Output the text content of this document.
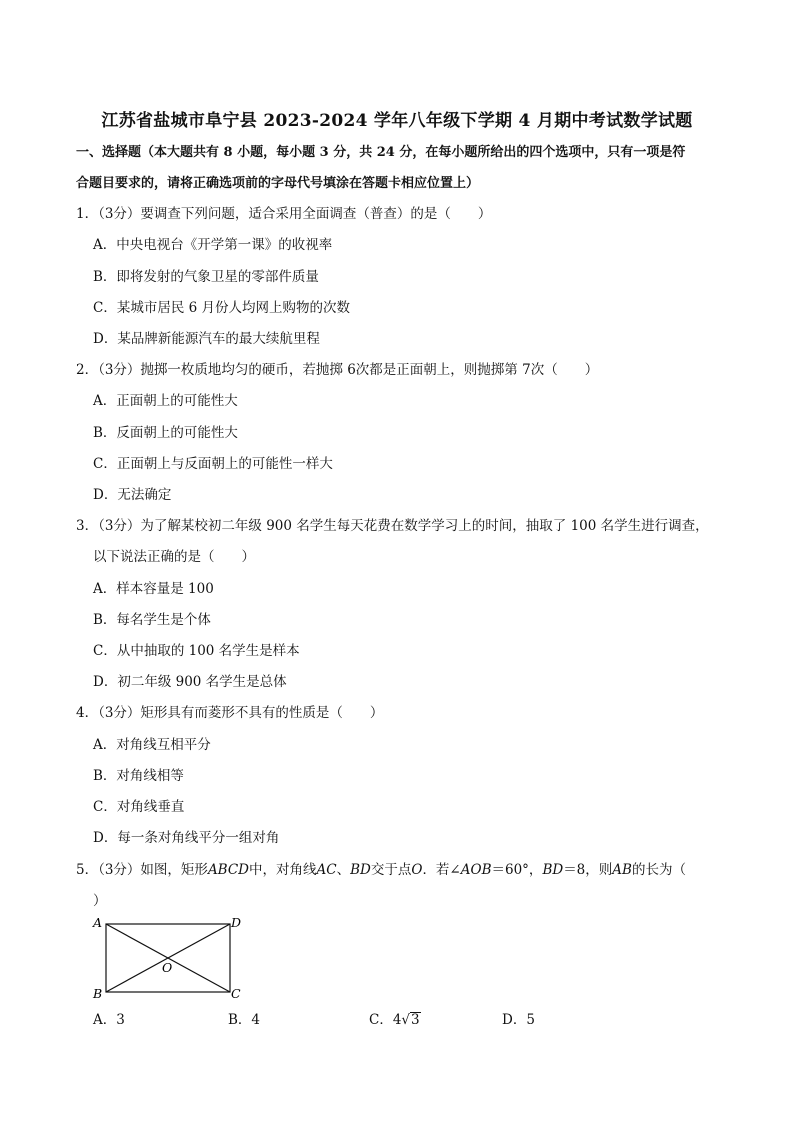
江苏省盐城市阜宁县 2023-2024 学年八年级下学期 4 月期中考试数学试题
一、选择题（本大题共有 8 小题，每小题 3 分，共 24 分，在每小题所给出的四个选项中，只有一项是符
合题目要求的，请将正确选项前的字母代号填涂在答题卡相应位置上）
1．（3分）要调查下列问题，适合采用全面调查（普查）的是（　　）
A．中央电视台《开学第一课》的收视率
B．即将发射的气象卫星的零部件质量
C．某城市居民 6 月份人均网上购物的次数
D．某品牌新能源汽车的最大续航里程
2．（3分）抛掷一枚质地均匀的硬币，若抛掷 6次都是正面朝上，则抛掷第 7次（　　）
A．正面朝上的可能性大
B．反面朝上的可能性大
C．正面朝上与反面朝上的可能性一样大
D．无法确定
3．（3分）为了解某校初二年级 900 名学生每天花费在数学学习上的时间，抽取了 100 名学生进行调查，
以下说法正确的是（　　）
A．样本容量是 100
B．每名学生是个体
C．从中抽取的 100 名学生是样本
D．初二年级 900 名学生是总体
4．（3分）矩形具有而菱形不具有的性质是（　　）
A．对角线互相平分
B．对角线相等
C．对角线垂直
D．每一条对角线平分一组对角
5．（3分）如图，矩形ABCD中，对角线AC、BD交于点O．若∠AOB＝60°，BD＝8，则AB的长为（
）
A
B	C
D
O
A．3	B．4	C．4√3	D．5
